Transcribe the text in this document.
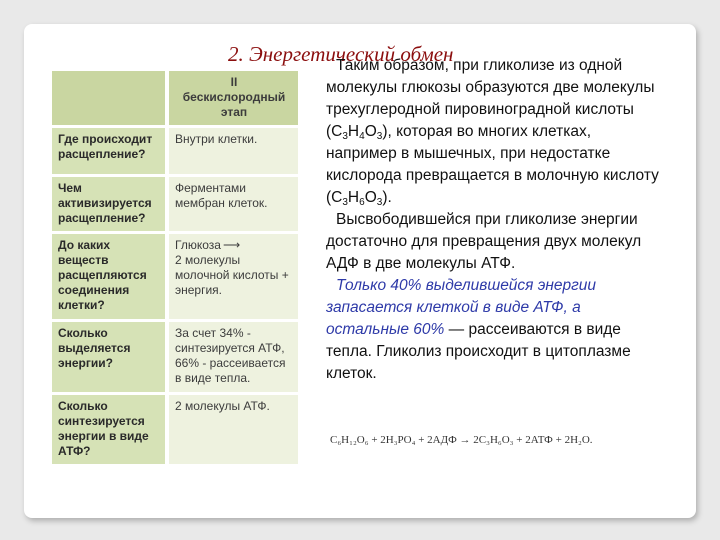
2. Энергетический обмен

	II
бескислородный этап

Где происходит расщепление?	Внутри клетки.
Чем активизируется расщепление?	Ферментами мембран клеток.
До каких веществ расщепляются соединения клетки?	Глюкоза ⟶
2 молекулы молочной кислоты + энергия.
Сколько выделяется энергии?	За счет 34% - синтезируется АТФ, 66% - рассеивается в виде тепла.
Сколько синтезируется энергии в виде АТФ?	2 молекулы АТФ.

Таким образом, при гликолизе из одной молекулы глюкозы образуются две молекулы трехуглеродной пировиноградной кислоты $(С_3Н_4О_3)$, которая во многих клетках, например в мышечных, при недостатке кислорода превращается в молочную кислоту $(С_3Н_6О_3)$.

Высвободившейся при гликолизе энергии достаточно для превращения двух молекул АДФ в две молекулы АТФ.

Только 40% выделившейся энергии запасается клеткой в виде АТФ, а остальные 60% — рассеиваются в виде тепла. Гликолиз происходит в цитоплазме клеток.

C₆H₁₂O₆ + 2H₃PO₄ + 2АДФ → 2C₃H₆O₃ + 2АТФ + 2H₂O.
